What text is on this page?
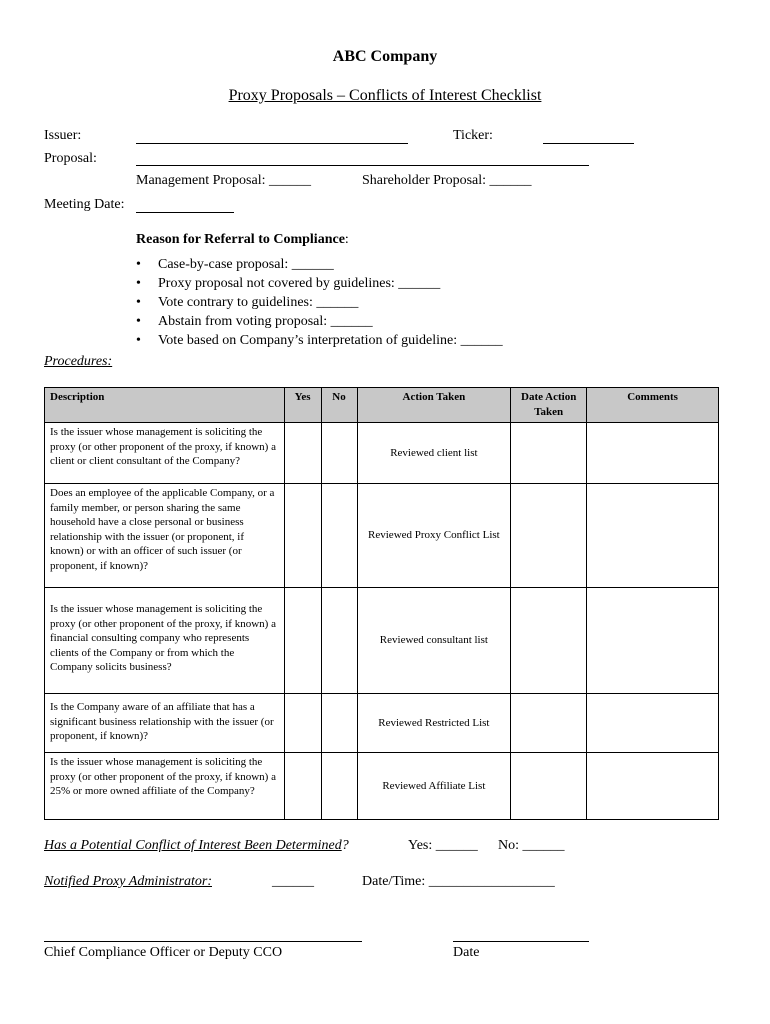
ABC Company
Proxy Proposals – Conflicts of Interest Checklist
Issuer:	Ticker:
Proposal:
Management Proposal: ______	Shareholder Proposal: ______
Meeting Date:
Reason for Referral to Compliance:
• Case-by-case proposal: ______
• Proxy proposal not covered by guidelines: ______
• Vote contrary to guidelines: ______
• Abstain from voting proposal: ______
• Vote based on Company’s interpretation of guideline: ______
Procedures:
Description	Yes	No	Action Taken	Date Action Taken	Comments
Is the issuer whose management is soliciting the proxy (or other proponent of the proxy, if known) a client or client consultant of the Company?			Reviewed client list		
Does an employee of the applicable Company, or a family member, or person sharing the same household have a close personal or business relationship with the issuer (or proponent, if known) or with an officer of such issuer (or proponent, if known)?			Reviewed Proxy Conflict List		
Is the issuer whose management is soliciting the proxy (or other proponent of the proxy, if known) a financial consulting company who represents clients of the Company or from which the Company solicits business?			Reviewed consultant list		
Is the Company aware of an affiliate that has a significant business relationship with the issuer (or proponent, if known)?			Reviewed Restricted List		
Is the issuer whose management is soliciting the proxy (or other proponent of the proxy, if known) a 25% or more owned affiliate of the Company?			Reviewed Affiliate List		
Has a Potential Conflict of Interest Been Determined?	Yes: ______ No: ______
Notified Proxy Administrator:	______	Date/Time: __________________
Chief Compliance Officer or Deputy CCO	Date
